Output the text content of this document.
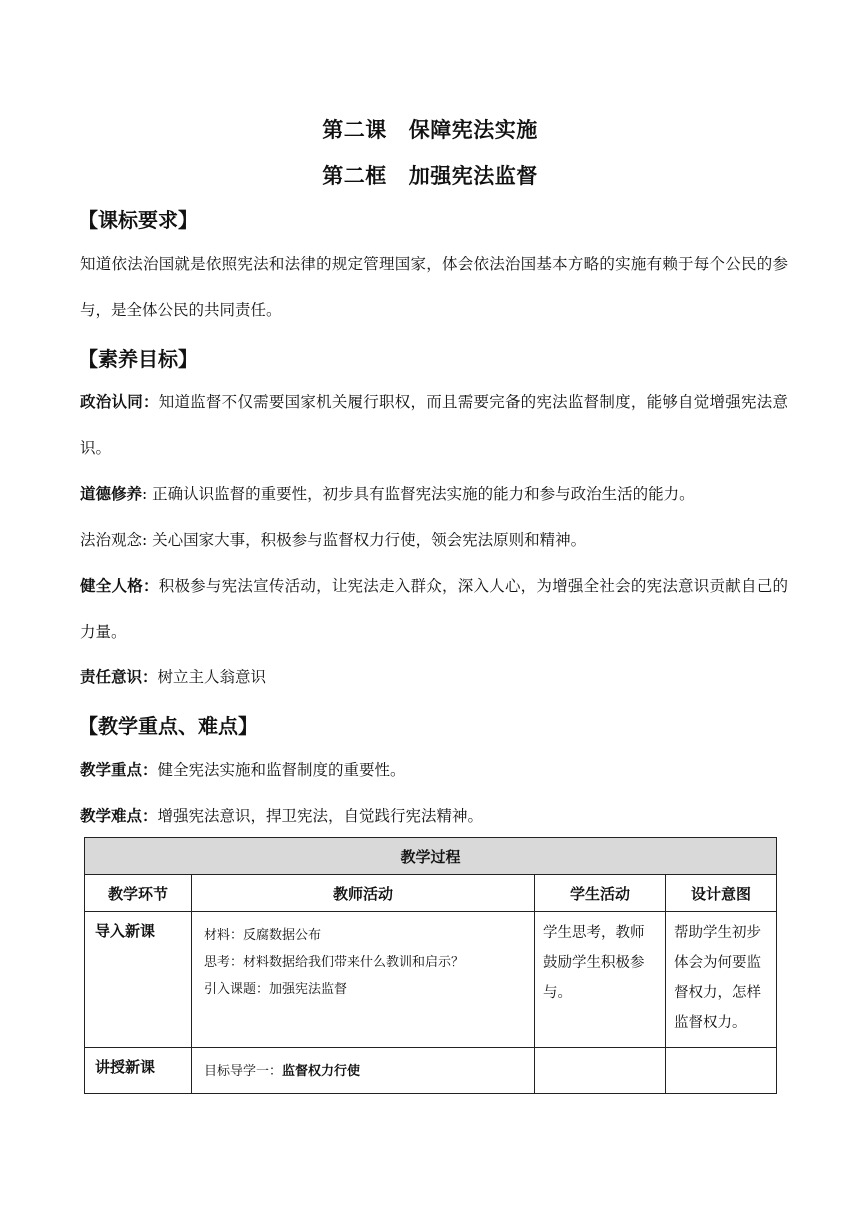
第二课 保障宪法实施
第二框 加强宪法监督
【课标要求】
知道依法治国就是依照宪法和法律的规定管理国家，体会依法治国基本方略的实施有赖于每个公民的参与，是全体公民的共同责任。
【素养目标】
政治认同：知道监督不仅需要国家机关履行职权，而且需要完备的宪法监督制度，能够自觉增强宪法意识。
道德修养: 正确认识监督的重要性，初步具有监督宪法实施的能力和参与政治生活的能力。
法治观念: 关心国家大事，积极参与监督权力行使，领会宪法原则和精神。
健全人格：积极参与宪法宣传活动，让宪法走入群众，深入人心，为增强全社会的宪法意识贡献自己的力量。
责任意识：树立主人翁意识
【教学重点、难点】
教学重点：健全宪法实施和监督制度的重要性。
教学难点：增强宪法意识，捍卫宪法，自觉践行宪法精神。
教学过程			
教学环节	教师活动	学生活动	设计意图
导入新课	材料：反腐数据公布
思考：材料数据给我们带来什么教训和启示？
引入课题：加强宪法监督	学生思考，教师鼓励学生积极参与。	帮助学生初步体会为何要监督权力，怎样监督权力。
讲授新课	目标导学一：监督权力行使		
